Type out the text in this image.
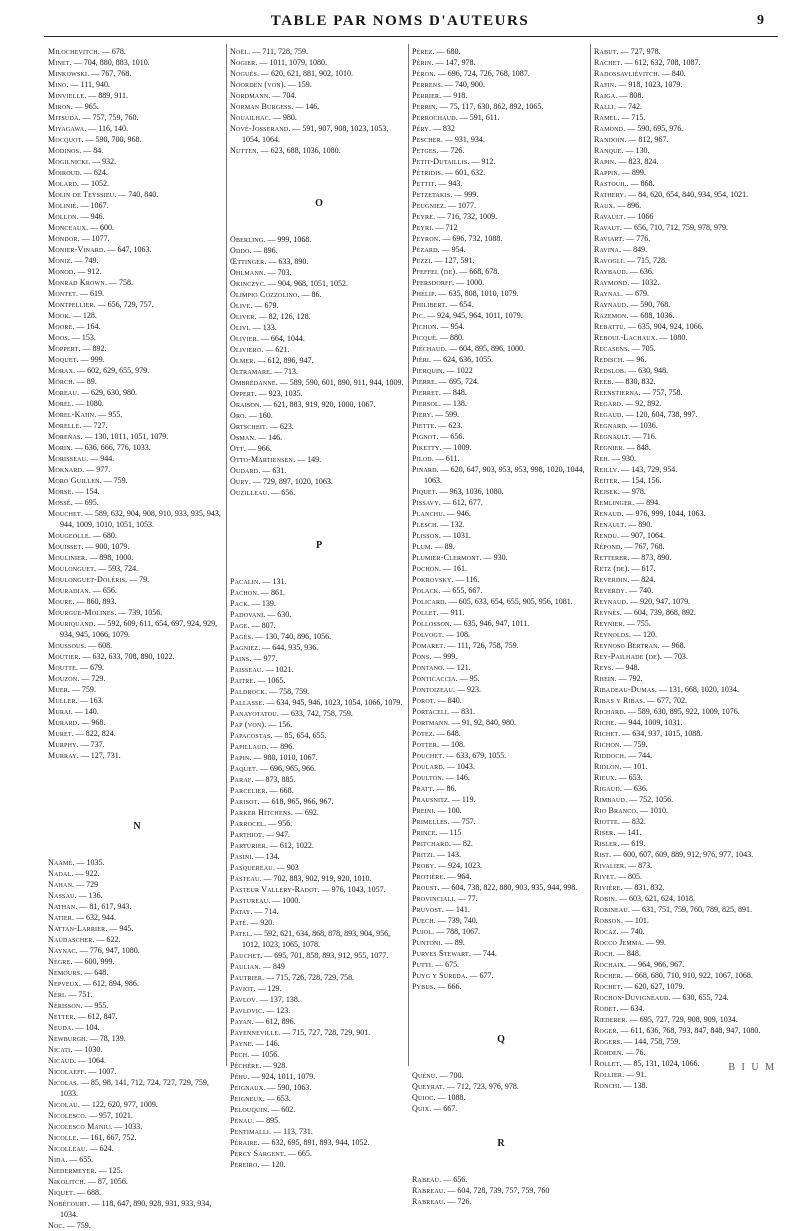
TABLE PAR NOMS D'AUTEURS	9
Milochevitch. — 678.
Minet. — 704, 880, 883, 1010.
Minkowski. — 767, 768.
Mino. — 111, 940.
Minvielle. — 889, 911.
Miron. — 965.
Mitsuda. — 757, 759, 760.
Miyagawa. — 116, 140.
Mocquot. — 590, 700, 968.
Modinos. — 84.
Mogilnicki. — 932.
Moiroud. — 624.
Molard. — 1052.
Molin de Teyssieu. — 740, 840.
Molinié. — 1067.
Mollon. — 946.
Monceaux. — 600.
Mondor. — 1077.
Monier-Vinard. — 647, 1063.
Moniz. — 749.
Monod. — 912.
Monrad Krown. — 758.
Montet. — 619.
Montpellier. — 656, 729, 757.
Mook. — 128.
Moore. — 164.
Moos. — 153.
Moppert. — 892.
Moquet. — 999.
Morax. — 602, 629, 655, 979.
Mörch. — 89.
Moreau. — 629, 630, 980.
Morel. — 1080.
Morel-Kahn. — 955.
Morelle. — 727.
Moreñas. — 130, 1011, 1051, 1079.
Morin. — 636, 666, 776, 1033.
Morisseau. — 944.
Moknard. — 977.
Moro Guillen. — 759.
Morse. — 154.
Mossé. — 695.
Mouchet. — 589, 632, 904, 908, 910, 933, 935, 943, 944, 1009, 1010, 1051, 1053.
Mougeolle. — 680.
Mouisset. — 900, 1079.
Moulinier. — 898, 1000.
Moulonguet. — 593, 724.
Moulonguet-Doléris. — 79.
Mouradian. — 656.
Moure. — 860, 893.
Mourgue-Molines. — 739, 1056.
Mouriquand. — 592, 609, 611, 654, 697, 924, 929, 934, 945, 1066, 1079.
Moussous. — 608.
Moutier. — 632, 633, 708, 890, 1022.
Moutte. — 679.
Mouzon. — 729.
Muer. — 759.
Muller. — 163.
Murai. — 140.
Murard. — 968.
Muret. — 822, 824.
Murphy. — 737.
Murray. — 127, 731.
N
Naamé. — 1035.
Nadal. — 922.
Nahan. — 729
Nassau. — 136.
Nathan. — 81, 617, 943.
Natier. — 632, 944.
Nattan-Larrier. — 945.
Naudascher. — 622.
Naynac. — 776, 947, 1080.
Nègre. — 600, 999.
Nemours. — 648.
Nepveux. — 612, 894, 986.
Néri. — 751.
Nérisson. — 955.
Netter. — 612, 847.
Neuda. — 104.
Newburgh. — 78, 139.
Nicati. — 1030.
Nicaud. — 1064.
Nicolaeff. — 1007.
Nicolas. — 85, 98, 141, 712, 724, 727, 729, 759, 1033.
Nicolau. — 122, 620, 977, 1009.
Nicolesco. — 957, 1021.
Nicolesco Maniu. — 1033.
Nicolle. — 161, 667, 752.
Nicolleau. — 624.
Nida. — 655.
Niedermeyer. — 125.
Nikolitch. — 87, 1056.
Niquet. — 688.
Nobécourt. — 118, 647, 890, 928, 931, 933, 934, 1034.
Noc. — 759.
Noël. — 711, 728, 759.
Nogier. — 1011, 1079, 1080.
Noguès. — 620, 621, 881, 902, 1010.
Noorden (von). — 159.
Nordmann. — 704.
Norman Burgess. — 146.
Nouailhac. — 980.
Nové-Josserand. — 591, 907, 908, 1023, 1053, 1054, 1064.
Nutten. — 623, 688, 1036, 1080.
O
Oberling. — 999, 1068.
Oddo. — 896.
Œttinger. — 633, 890.
Ohlmann. — 703.
Okinczyc. — 904, 968, 1051, 1052.
Olimpio Cozzolino. — 86.
Olive. — 679.
Oliver. — 82, 126, 128.
Olivi. — 133.
Olivier. — 664, 1044.
Oliviero. — 621.
Olmer. — 612, 896, 947.
Oltramare. — 713.
Ombrédanne. — 589, 590, 601, 890, 911, 944, 1009.
Oppert. — 923, 1035.
Oraison. — 621, 883, 919, 920, 1000, 1067.
Oro. — 160.
Ortscheit. — 623.
Osman. — 146.
Ott. — 966.
Otto-Martiensen. — 149.
Oudard. — 631.
Oury. — 729, 897, 1020, 1063.
Ouzilleau. — 656.
P
Pacalin. — 131.
Pachon. — 861.
Pack. — 139.
Padovani. — 630.
Page. — 807.
Pagès. — 130, 740, 896, 1056.
Pagniez. — 644, 935, 936.
Pains. — 977.
Paisseau. — 1021.
Paitre. — 1065.
Paldrock. — 758, 759.
Pallasse. — 634, 945, 946, 1023, 1054, 1066, 1079.
Panayotatou. — 633, 742, 758, 759.
Pap (von). — 156.
Papacostas. — 85, 654, 655.
Papillaud. — 896.
Papin. — 980, 1010, 1067.
Paquet. — 696, 965, 966.
Paraf. — 873, 885.
Parcelier. — 668.
Parisot. — 618, 965, 966, 967.
Parker Hitchens. — 692.
Parrocel. — 956.
Parthiot. — 947.
Parturier. — 612, 1022.
Pasini. — 134.
Pasquereau. — 903
Pasteau. — 702, 883, 902, 919, 920, 1010.
Pasteur Vallery-Radot. — 976, 1043, 1057.
Pastureau. — 1000.
Patay. — 714.
Paté. — 920.
Patel. — 592, 621, 634, 868, 878, 893, 904, 956, 1012, 1023, 1065, 1078.
Pauchet. — 695, 701, 858, 893, 912, 955, 1077.
Paulian. — 849
Pautrier. — 715, 726, 728, 729, 758.
Paviot. — 129.
Pavlov. — 137, 138.
Pavlovic. — 123.
Payan. — 612, 896.
Payenneville. — 715, 727, 728, 729, 901.
Payne. — 146.
Pech. — 1056.
Péchère. — 928.
Péhu. — 924, 1011, 1079.
Peignaux. — 590, 1063.
Peigneux. — 653.
Pelouquin. — 602.
Penau. — 895.
Pentimalli. — 113, 731.
Péraire. — 632, 695, 891, 893, 944, 1052.
Percy Sargent. — 665.
Pereiro. — 120.
Pérez. — 680.
Périn. — 147, 978.
Péron. — 696, 724, 726, 768, 1087.
Perrens. — 740, 900.
Perrier. — 918.
Perrin. — 75, 117, 630, 862, 892, 1065.
Perrochaud. — 591, 611.
Péry. — 832
Pescher. — 931, 934.
Petges. — 726.
Petit-Dutaillis. — 912.
Pétridis. — 601, 632.
Pettit. — 943.
Petzetakis. — 999.
Peugniez. — 1077.
Peyre. — 716, 732, 1009.
Peyri. — 712
Peyron. — 696, 732, 1088.
Pézard. — 954.
Pezzi. — 127, 591.
Pfeffel (de). — 668, 678.
Pfersdorff. — 1000.
Phélip. — 635, 808, 1010, 1079.
Philibert. — 654.
Pic. — 924, 945, 964, 1011, 1079.
Pichon. — 954.
Picqué. — 880.
Piéchaud. — 604, 895, 896, 1000.
Piéri. — 624, 636, 1055.
Pierquin. — 1022
Pierre. — 695, 724.
Pierret. — 848.
Piersol. — 138.
Piery. — 599.
Piette. — 623.
Pignot. — 656.
Piketty. — 1009.
Pilod. — 611.
Pinard. — 620, 647, 903, 953, 953, 998, 1020, 1044, 1063.
Piquet. — 963, 1036, 1080.
Pissavy. — 612, 677.
Planchu. — 946.
Plesch. — 132.
Plisson. — 1031.
Plum. — 89.
Plumier-Clermont. — 930.
Pochon. — 161.
Pokrovsky. — 116.
Polack. — 655, 667.
Policard. — 605, 633, 654, 655, 905, 956, 1081.
Pollet. — 911.
Pollosson. — 635, 946, 947, 1011.
Polvogt. — 108.
Pomaret. — 111, 726, 758, 759.
Pons. — 999.
Pontano. — 121.
Ponticaccia. — 95.
Pontoizeau. — 923.
Porot. — 840.
Portaceli. — 831.
Portmann. — 91, 92, 840, 980.
Potez. — 648.
Potter. — 108.
Pouchet. — 633, 679, 1055.
Poulard. — 1043.
Poulton. — 146.
Pratt. — 86.
Prausnitz. — 119.
Preini. — 100.
Primelles. — 757.
Prince. — 115
Pritchard. — 82.
Pritzi. — 143.
Proby. — 924, 1023.
Protière. — 964.
Proust. — 604, 738, 822, 880, 903, 935, 944, 998.
Provinciali. — 77.
Pruvost. — 141.
Puech. — 739, 740.
Pujol. — 788, 1067.
Puntoni. — 89.
Purves Stewart. — 744.
Putti. — 675.
Puyg y Sureda. — 677.
Pybus. — 666.
Q
Quénu. — 700.
Queyrat. — 712, 723, 976, 978.
Quioc. — 1088.
Quix. — 667.
R
Rabeau. — 656.
Rabreau. — 604, 728, 739, 757, 759, 760
Rabreau. — 726.
Rabut. — 727, 978.
Rachet. — 612, 632, 708, 1087.
Radossavliévitch. — 840.
Rafin. — 918, 1023, 1079.
Raiga. — 808.
Ralli. — 742.
Ramel. — 715.
Ramond. — 590, 695, 976.
Randoin. — 812, 967.
Ranque. — 130.
Rapin. — 823, 824.
Rappin. — 899.
Rastouil. — 868.
Rathery. — 84, 620, 654, 840, 934, 954, 1021.
Raux. — 896.
Ravault. — 1066
Ravaut. — 656, 710, 712, 759, 978, 979.
Raviart. — 776.
Ravina. — 849.
Ravogli. — 715, 728.
Raybaud. — 636.
Raymond. — 1032.
Raynal. — 679.
Raynaud. — 590, 768.
Razemon. — 688, 1036.
Rebattu. — 635, 904, 924, 1066.
Reboul-Lachaux. — 1080.
Recasens. — 705.
Redisch. — 96.
Redslob. — 630, 948.
Reeb. — 830, 832.
Reenstierna. — 757, 758.
Regard. — 92, 892.
Regaud. — 120, 604, 738, 997.
Regnard. — 1036.
Regnault. — 716.
Regnier. — 848.
Reh. — 930.
Reilly. — 143, 729, 954.
Reiter. — 154, 156.
Rejsek. — 978.
Remlinger. — 894.
Renaud. — 976, 999, 1044, 1063.
Renault. — 890.
Rendu. — 907, 1064.
Répond. — 767, 768.
Retterer. — 873, 890.
Retz (de). — 617.
Reverdin. — 824.
Reverdy. — 740.
Reynaud. — 920, 947, 1079.
Reynès. — 604, 739, 868, 892.
Reynier. — 755.
Reynolds. — 120.
Reynoso Bertran. — 968.
Rey-Pailhade (de). — 703.
Reys. — 948.
Rhein. — 792.
Ribadeau-Dumas. — 131, 668, 1020, 1034.
Ribas y Ribas. — 677, 702.
Richard. — 589, 630, 895, 922, 1009, 1076.
Riche. — 944, 1009, 1031.
Richet. — 634, 937, 1015, 1088.
Richon. — 759.
Riddoch. — 744.
Ridlon. — 101.
Rieux. — 653.
Rigaud. — 636.
Rimbaud. — 752, 1056.
Rio Branco. — 1010.
Riotte. — 832.
Riser. — 141.
Risler. — 619.
Rist. — 600, 607, 609, 889, 912, 976, 977, 1043.
Rivalier. — 873.
Rivet. — 805.
Rivière. — 831, 832.
Robin. — 603, 621, 624, 1018.
Robineau. — 631, 751, 759, 760, 789, 825, 891.
Robson. — 101.
Rocaz. — 740.
Rocco Jemma. — 99.
Roch. — 848.
Rochaix. — 964, 966, 967.
Rocher. — 668, 680, 710, 910, 922, 1067, 1068.
Rochet. — 620, 627, 1079.
Rochon-Duvigneaud. — 630, 655, 724.
Rodet. — 634.
Rœderer. — 695, 727, 729, 908, 909, 1034.
Roger. — 611, 636, 768, 793, 847, 848, 947, 1080.
Rogers. — 144, 758, 759.
Rohden. — 76.
Rollet. — 85, 131, 1024, 1066.
Rollier. — 91.
Ronchi. — 138.
B I U M
